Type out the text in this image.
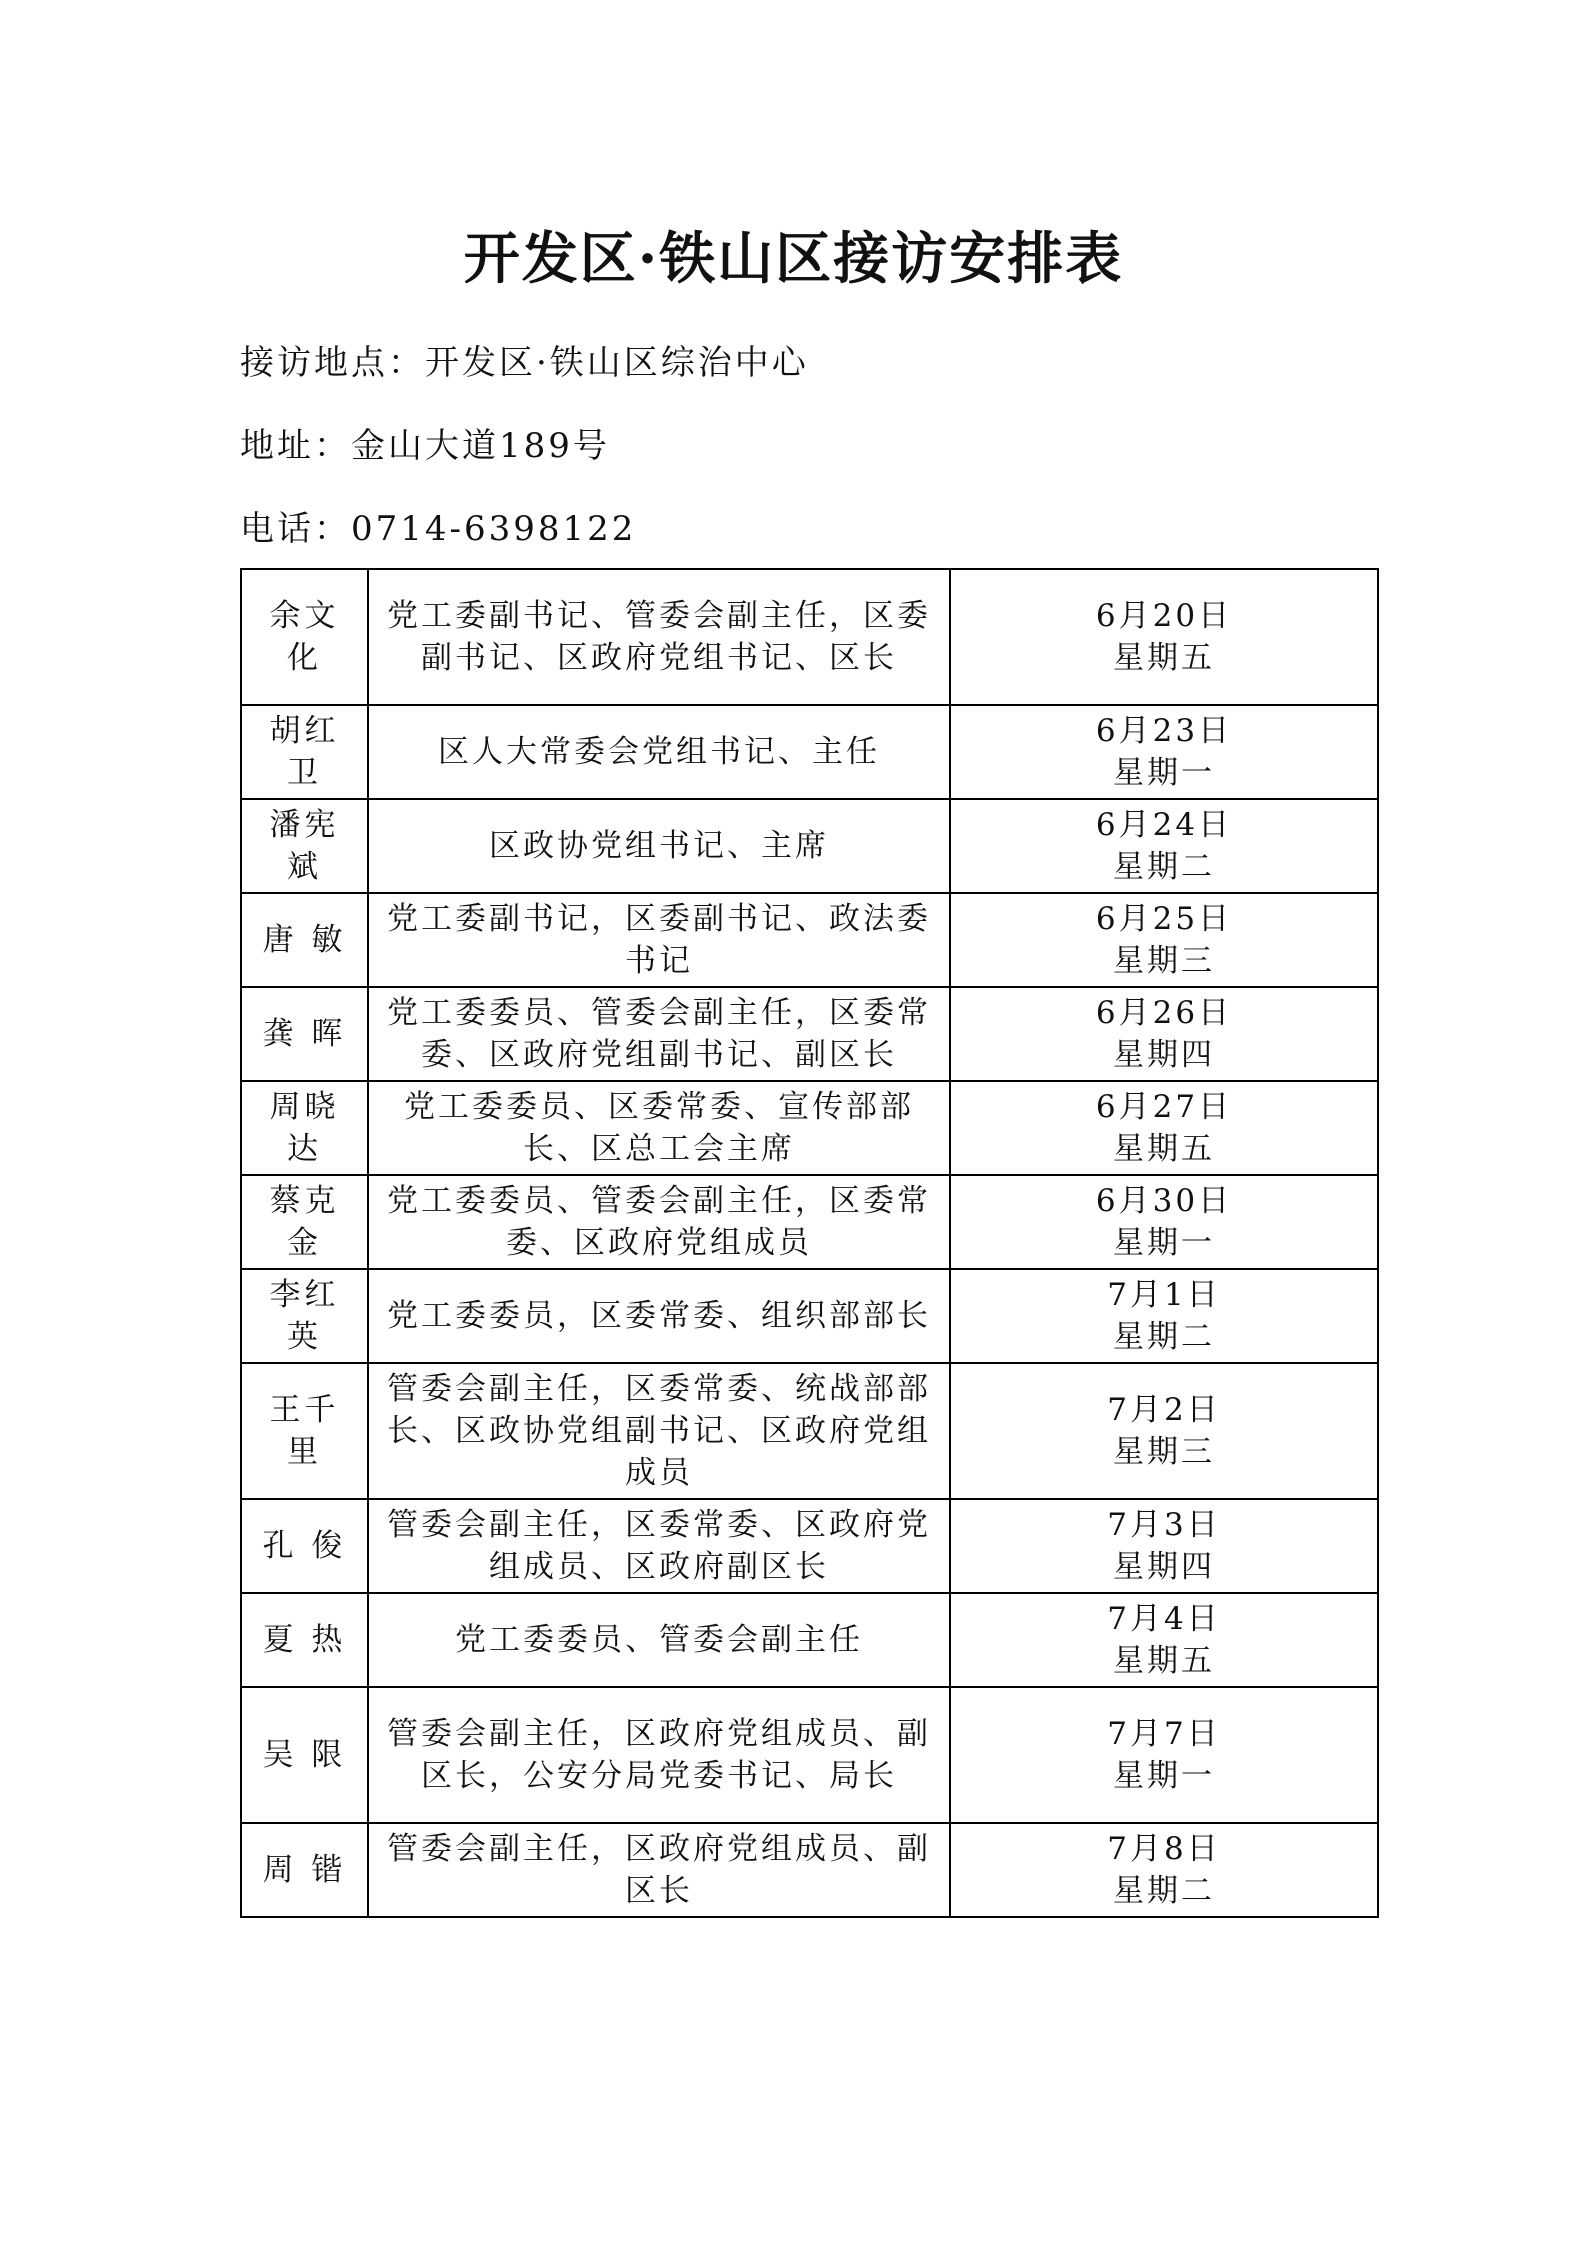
开发区·铁山区接访安排表
接访地点：开发区·铁山区综治中心
地址：金山大道189号
电话：0714-6398122
余文化	党工委副书记、管委会副主任，区委副书记、区政府党组书记、区长	6月20日
星期五

胡红卫	区人大常委会党组书记、主任	6月23日
星期一

潘宪斌	区政协党组书记、主席	6月24日
星期二

唐 敏	党工委副书记，区委副书记、政法委书记	6月25日
星期三

龚 晖	党工委委员、管委会副主任，区委常委、区政府党组副书记、副区长	6月26日
星期四

周晓达	党工委委员、区委常委、宣传部部长、区总工会主席	6月27日
星期五

蔡克金	党工委委员、管委会副主任，区委常委、区政府党组成员	6月30日
星期一

李红英	党工委委员，区委常委、组织部部长	7月1日
星期二

王千里	管委会副主任，区委常委、统战部部长、区政协党组副书记、区政府党组成员	7月2日
星期三

孔 俊	管委会副主任，区委常委、区政府党组成员、区政府副区长	7月3日
星期四

夏 热	党工委委员、管委会副主任	7月4日
星期五

吴 限	管委会副主任，区政府党组成员、副区长，公安分局党委书记、局长	7月7日
星期一

周 锴	管委会副主任，区政府党组成员、副区长	7月8日
星期二
